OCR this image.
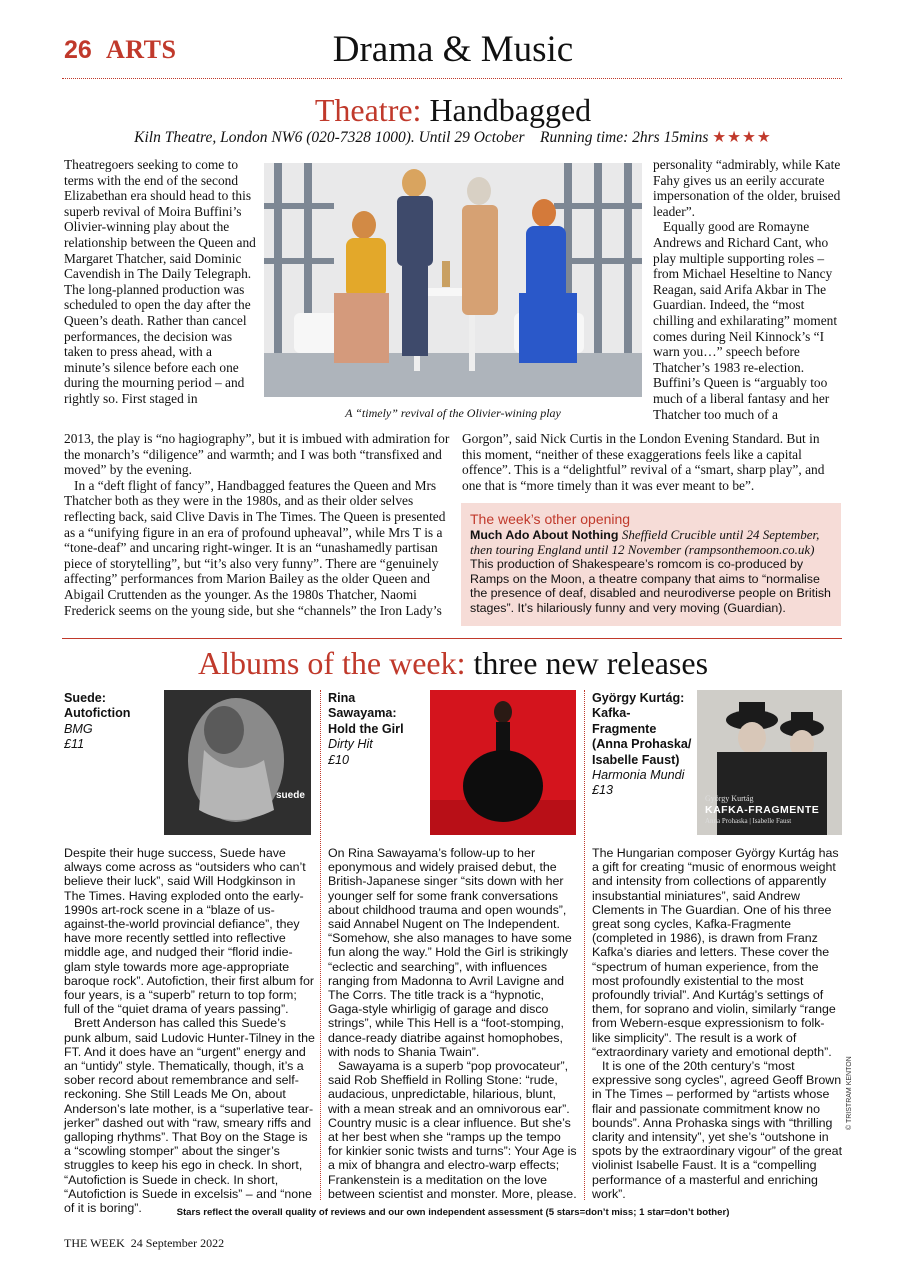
26 ARTS	Drama & Music
Theatre: Handbagged
Kiln Theatre, London NW6 (020-7328 1000). Until 29 October    Running time: 2hrs 15mins ★★★★
Theatregoers seeking to come to terms with the end of the second Elizabethan era should head to this superb revival of Moira Buffini’s Olivier-winning play about the relationship between the Queen and Margaret Thatcher, said Dominic Cavendish in The Daily Telegraph. The long-planned production was scheduled to open the day after the Queen’s death. Rather than cancel performances, the decision was taken to press ahead, with a minute’s silence before each one during the mourning period – and rightly so. First staged in
A “timely” revival of the Olivier-wining play

personality “admirably, while Kate Fahy gives us an eerily accurate impersonation of the older, bruised leader”.

Equally good are Romayne Andrews and Richard Cant, who play multiple supporting roles – from Michael Heseltine to Nancy Reagan, said Arifa Akbar in The Guardian. Indeed, the “most chilling and exhilarating” moment comes during Neil Kinnock’s “I warn you…” speech before Thatcher’s 1983 re-election. Buffini’s Queen is “arguably too much of a liberal fantasy and her Thatcher too much of a

2013, the play is “no hagiography”, but it is imbued with admiration for the monarch’s “diligence” and warmth; and I was both “transfixed and moved” by the evening.

In a “deft flight of fancy”, Handbagged features the Queen and Mrs Thatcher both as they were in the 1980s, and as their older selves reflecting back, said Clive Davis in The Times. The Queen is presented as a “unifying figure in an era of profound upheaval”, while Mrs T is a “tone-deaf” and uncaring right-winger. It is an “unashamedly partisan piece of storytelling”, but “it’s also very funny”. There are “genuinely affecting” performances from Marion Bailey as the older Queen and Abigail Cruttenden as the younger. As the 1980s Thatcher, Naomi Frederick seems on the young side, but she “channels” the Iron Lady’s

Gorgon”, said Nick Curtis in the London Evening Standard. But in this moment, “neither of these exaggerations feels like a capital offence”. This is a “delightful” revival of a “smart, sharp play”, and one that is “more timely than it was ever meant to be”.
The week’s other opening
Much Ado About Nothing Sheffield Crucible until 24 September, then touring England until 12 November (rampsonthemoon.co.uk)
This production of Shakespeare’s romcom is co-produced by Ramps on the Moon, a theatre company that aims to “normalise the presence of deaf, disabled and neurodiverse people on British stages”. It’s hilariously funny and very moving (Guardian).
Albums of the week: three new releases
Suede:
Autofiction
BMG
£11
suede

Despite their huge success, Suede have always come across as “outsiders who can’t believe their luck”, said Will Hodgkinson in The Times. Having exploded onto the early-1990s art-rock scene in a “blaze of us-against-the-world provincial defiance”, they have more recently settled into reflective middle age, and nudged their “florid indie-glam style towards more age-appropriate baroque rock”. Autofiction, their first album for four years, is a “superb” return to top form; full of the “quiet drama of years passing”.

Brett Anderson has called this Suede’s punk album, said Ludovic Hunter-Tilney in the FT. And it does have an “urgent” energy and an “untidy” style. Thematically, though, it’s a sober record about remembrance and self-reckoning. She Still Leads Me On, about Anderson’s late mother, is a “superlative tear-jerker” dashed out with “raw, smeary riffs and galloping rhythms”. That Boy on the Stage is a “scowling stomper” about the singer’s struggles to keep his ego in check. In short, “Autofiction is Suede in check. In short, “Autofiction is Suede in excelsis” – and “none of it is boring”.

Rina Sawayama:
Hold the Girl
Dirty Hit
£10

On Rina Sawayama’s follow-up to her eponymous and widely praised debut, the British-Japanese singer “sits down with her younger self for some frank conversations about childhood trauma and open wounds”, said Annabel Nugent on The Independent. “Somehow, she also manages to have some fun along the way.” Hold the Girl is strikingly “eclectic and searching”, with influences ranging from Madonna to Avril Lavigne and The Corrs. The title track is a “hypnotic, Gaga-style whirligig of garage and disco strings”, while This Hell is a “foot-stomping, dance-ready diatribe against homophobes, with nods to Shania Twain”.

Sawayama is a superb “pop provocateur”, said Rob Sheffield in Rolling Stone: “rude, audacious, unpredictable, hilarious, blunt, with a mean streak and an omnivorous ear”. Country music is a clear influence. But she’s at her best when she “ramps up the tempo for kinkier sonic twists and turns”: Your Age is a mix of bhangra and electro-warp effects; Frankenstein is a meditation on the love between scientist and monster. More, please.

György Kurtág:
Kafka-Fragmente (Anna Prohaska/ Isabelle Faust)
Harmonia Mundi
£13
György Kurtág
KAFKA-FRAGMENTE
Anna Prohaska | Isabelle Faust

The Hungarian composer György Kurtág has a gift for creating “music of enormous weight and intensity from collections of apparently insubstantial miniatures”, said Andrew Clements in The Guardian. One of his three great song cycles, Kafka-Fragmente (completed in 1986), is drawn from Franz Kafka’s diaries and letters. These cover the “spectrum of human experience, from the most profoundly existential to the most profoundly trivial”. And Kurtág’s settings of them, for soprano and violin, similarly “range from Webern-esque expressionism to folk-like simplicity”. The result is a work of “extraordinary variety and emotional depth”.

It is one of the 20th century’s “most expressive song cycles”, agreed Geoff Brown in The Times – performed by “artists whose flair and passionate commitment know no bounds”. Anna Prohaska sings with “thrilling clarity and intensity”, yet she’s “outshone in spots by the extraordinary vigour” of the great violinist Isabelle Faust. It is a “compelling performance of a masterful and enriching work”.

© TRISTRAM KENTON
Stars reflect the overall quality of reviews and our own independent assessment (5 stars=don’t miss; 1 star=don’t bother)
THE WEEK  24 September 2022
